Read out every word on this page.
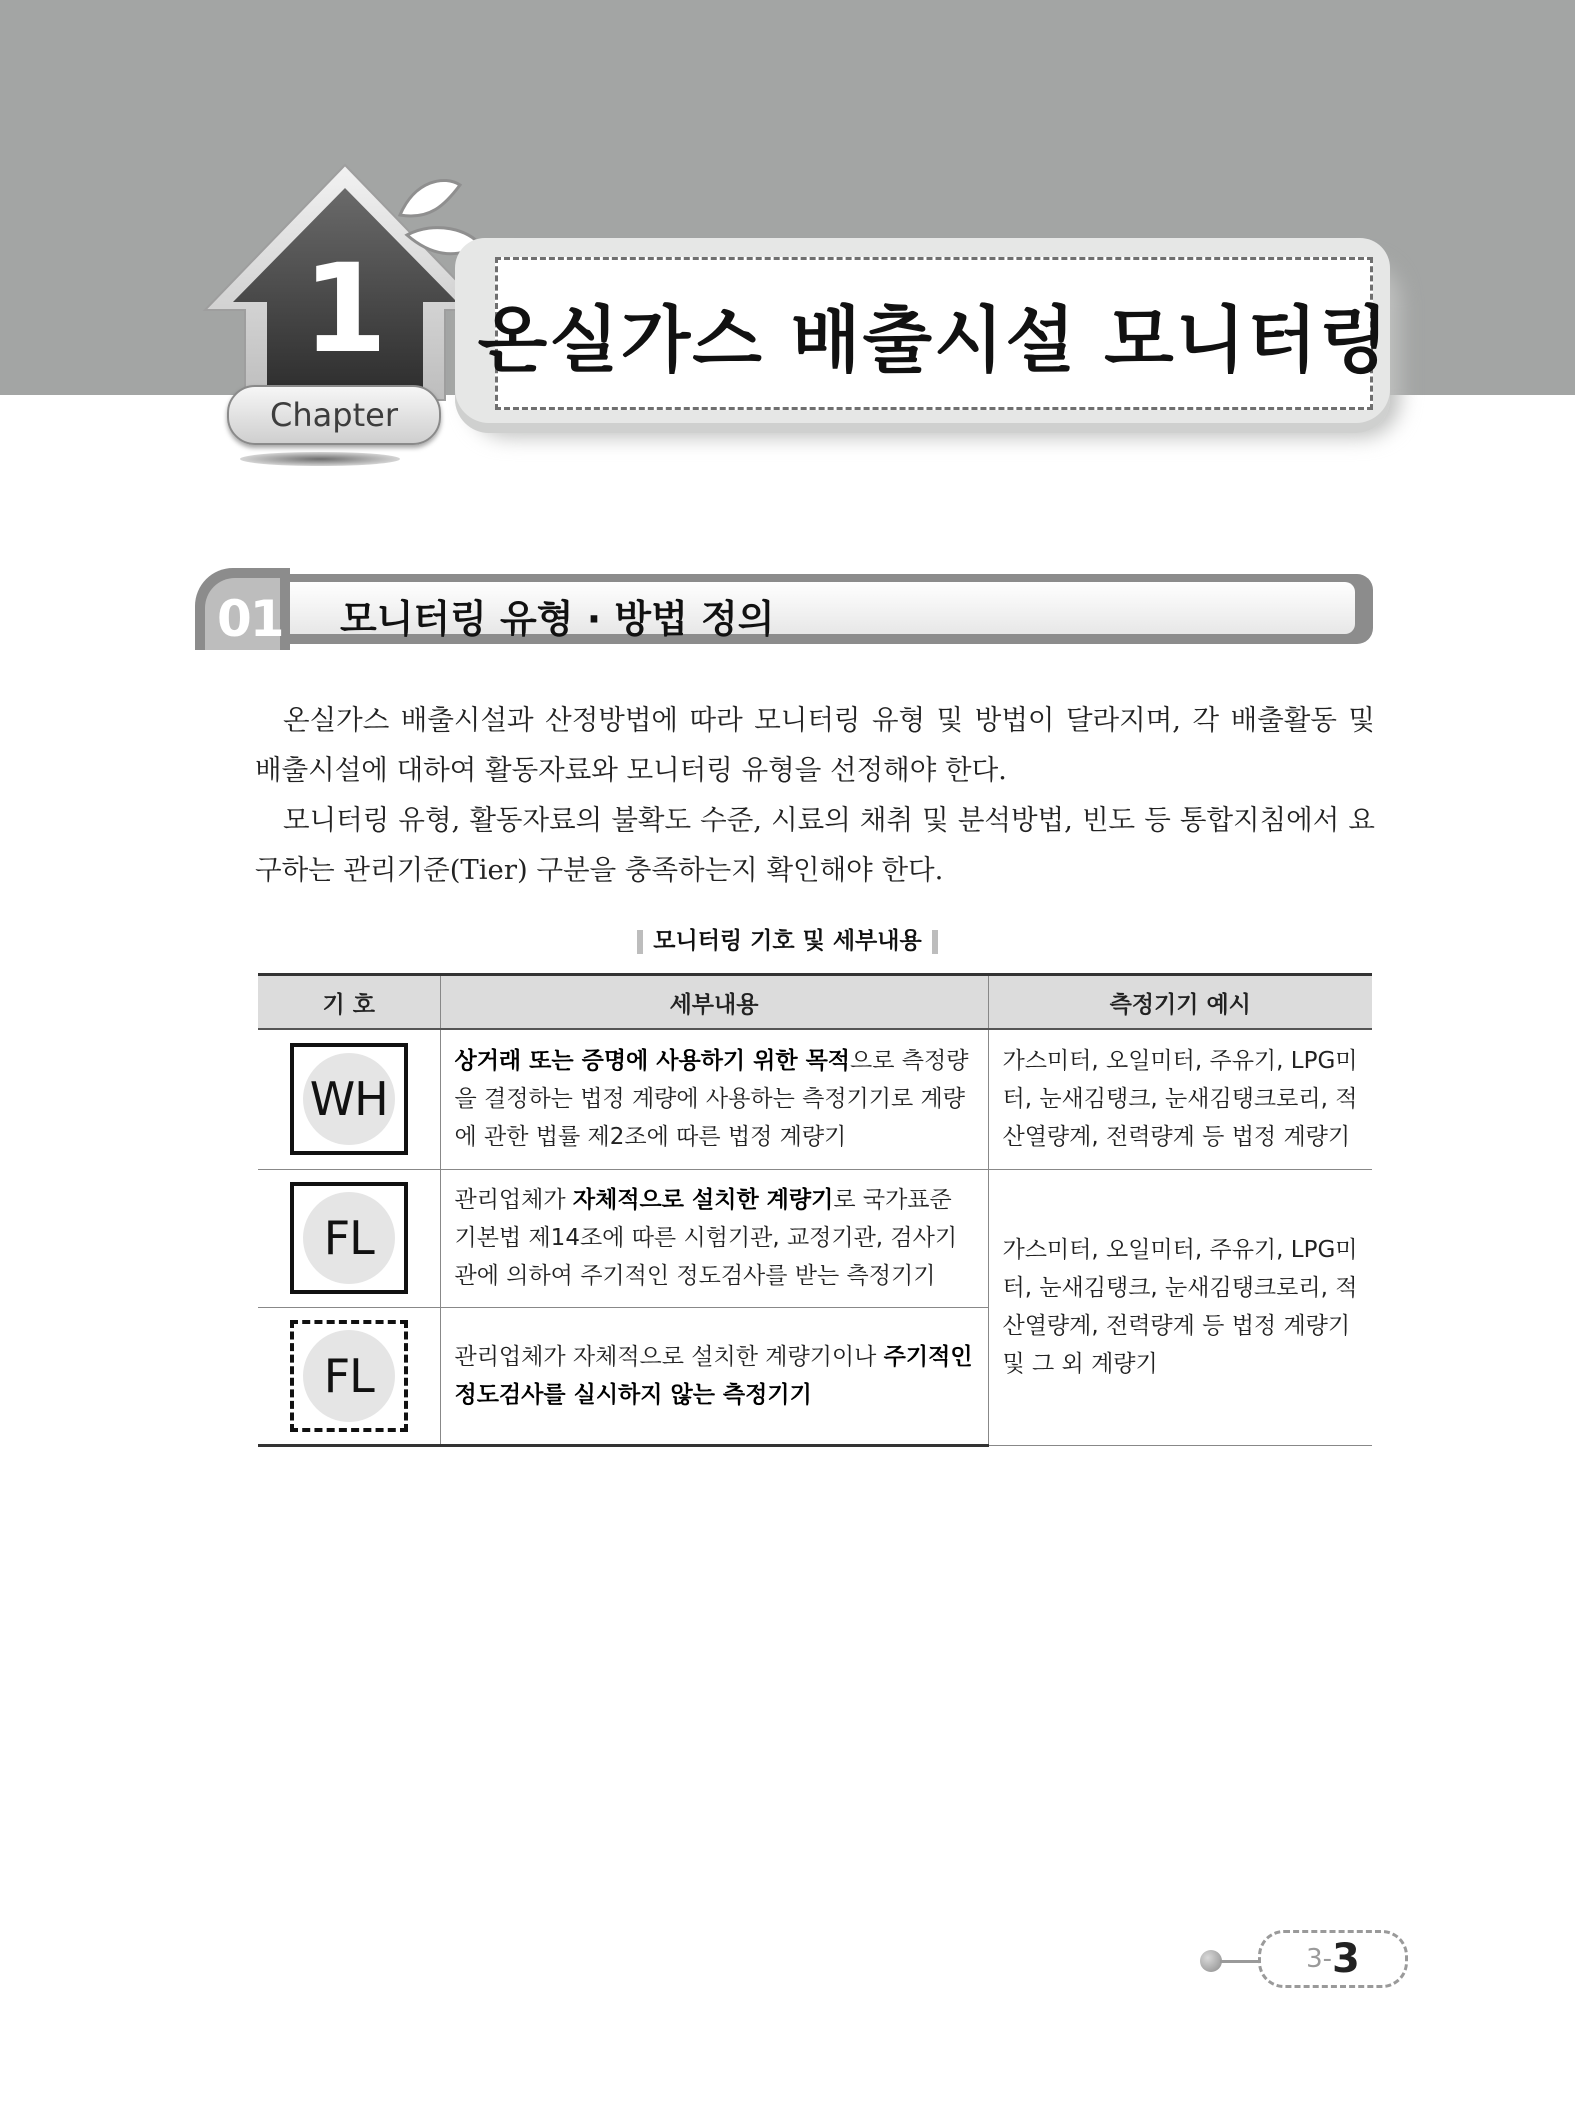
1
Chapter
온실가스 배출시설 모니터링
01 모니터링 유형 · 방법 정의

온실가스 배출시설과 산정방법에 따라 모니터링 유형 및 방법이 달라지며, 각 배출활동 및 배출시설에 대하여 활동자료와 모니터링 유형을 선정해야 한다.

모니터링 유형, 활동자료의 불확도 수준, 시료의 채취 및 분석방법, 빈도 등 통합지침에서 요구하는 관리기준(Tier) 구분을 충족하는지 확인해야 한다.

모니터링 기호 및 세부내용
기 호	세부내용	측정기기 예시

WH	상거래 또는 증명에 사용하기 위한 목적으로 측정량을 결정하는 법정 계량에 사용하는 측정기기로 계량에 관한 법률 제2조에 따른 법정 계량기	가스미터, 오일미터, 주유기, LPG미터, 눈새김탱크, 눈새김탱크로리, 적산열량계, 전력량계 등 법정 계량기

FL	관리업체가 자체적으로 설치한 계량기로 국가표준기본법 제14조에 따른 시험기관, 교정기관, 검사기관에 의하여 주기적인 정도검사를 받는 측정기기	가스미터, 오일미터, 주유기, LPG미터, 눈새김탱크, 눈새김탱크로리, 적산열량계, 전력량계 등 법정 계량기 및 그 외 계량기

FL	관리업체가 자체적으로 설치한 계량기이나 주기적인 정도검사를 실시하지 않는 측정기기	
3- 3
